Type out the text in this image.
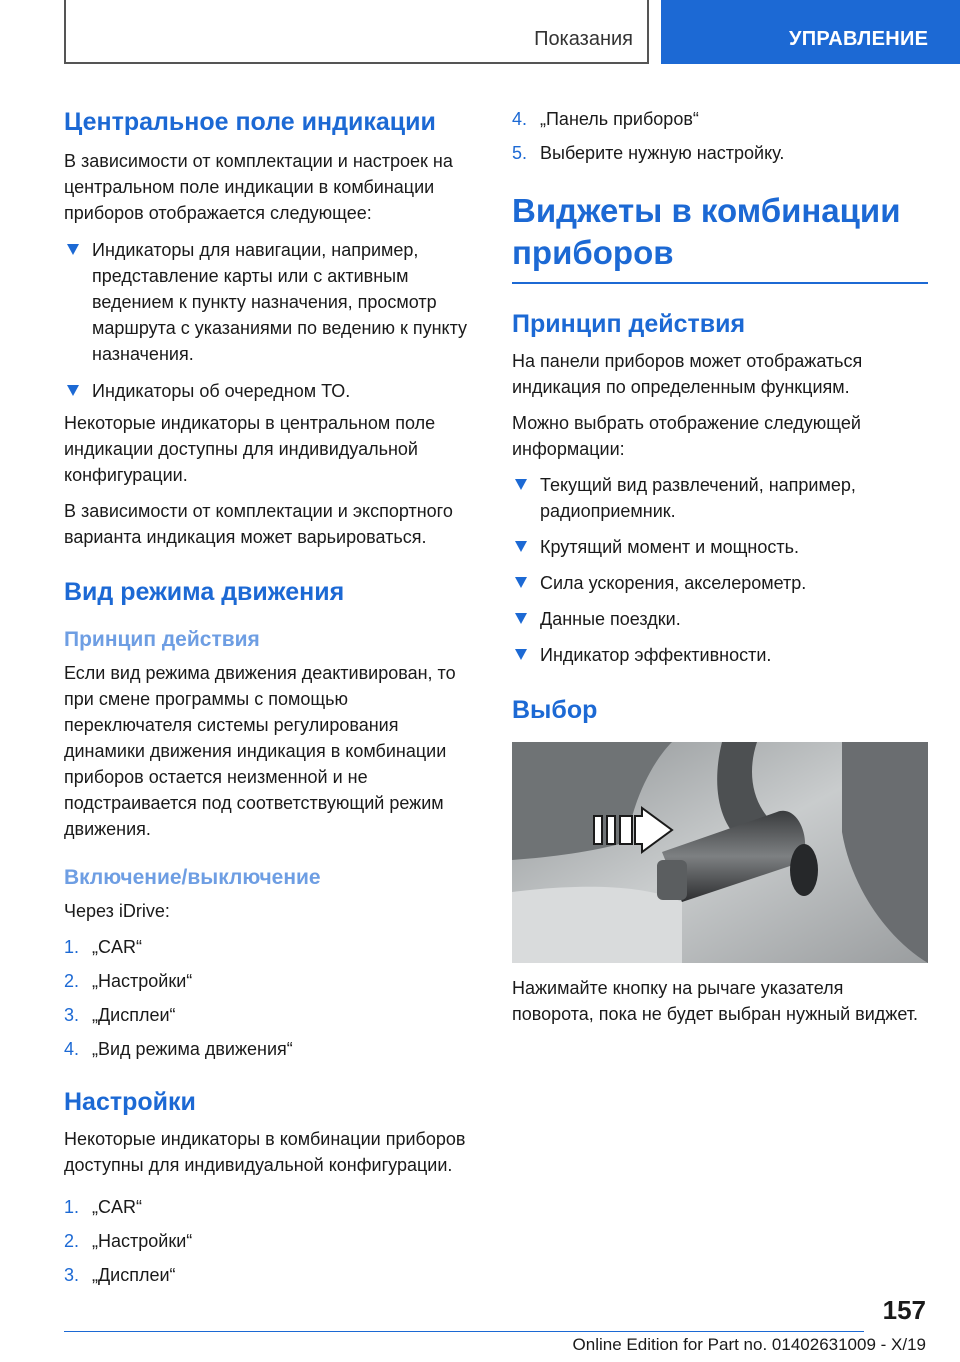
Показания	УПРАВЛЕНИЕ
Центральное поле индикации

В зависимости от комплектации и настроек на центральном поле индикации в комбинации приборов отображается следующее:

Индикаторы для навигации, например, представление карты или с активным ведением к пункту назначения, просмотр маршрута с указаниями по ведению к пункту назначения.
Индикаторы об очередном ТО.

Некоторые индикаторы в центральном поле индикации доступны для индивидуальной конфигурации.

В зависимости от комплектации и экспортного варианта индикация может варьироваться.

Вид режима движения
Принцип действия

Если вид режима движения деактивирован, то при смене программы с помощью переключателя системы регулирования динамики движения индикация в комбинации приборов остается неизменной и не подстраивается под соответствующий режим движения.

Включение/выключение

Через iDrive:

1. „CAR“
2. „Настройки“
3. „Дисплеи“
4. „Вид режима движения“
Настройки

Некоторые индикаторы в комбинации приборов доступны для индивидуальной конфигурации.

1. „CAR“
2. „Настройки“
3. „Дисплеи“
4. „Панель приборов“
5. Выберите нужную настройку.
Виджеты в комбинации приборов
Принцип действия

На панели приборов может отображаться индикация по определенным функциям.

Можно выбрать отображение следующей информации:

Текущий вид развлечений, например, радиоприемник.
Крутящий момент и мощность.
Сила ускорения, акселерометр.
Данные поездки.
Индикатор эффективности.
Выбор

Нажимайте кнопку на рычаге указателя поворота, пока не будет выбран нужный виджет.

157
Online Edition for Part no. 01402631009 - X/19
